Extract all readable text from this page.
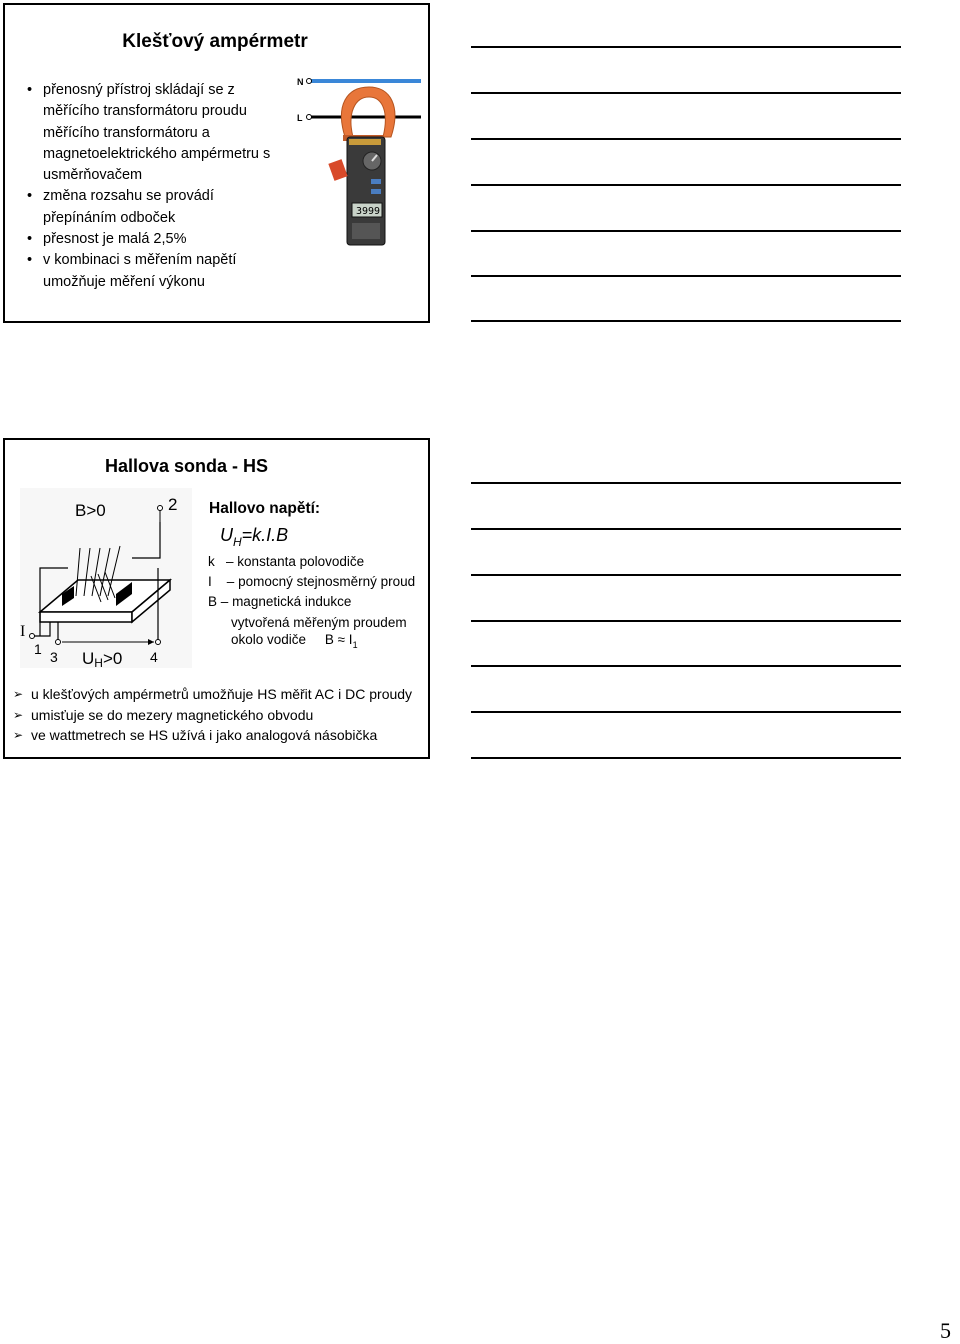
Klešťový ampérmetr
• přenosný přístroj skládají se z měřícího transformátoru proudu měřícího transformátoru a magnetoelektrického ampérmetru s usměrňovačem
• změna rozsahu se provádí přepínáním odboček
• přesnost je malá 2,5%
• v kombinaci s měřením napětí umožňuje měření výkonu
N
L
3999
Hallova sonda - HS
B>0	2
I
1 3	4
UH>0
Hallovo napětí:
$U_H=k.I.B$
k – konstanta polovodiče
I – pomocný stejnosměrný proud
B – magnetická indukce
vytvořená měřeným proudem
okolo vodiče $B \approx I_1$
➢ u klešťových ampérmetrů umožňuje HS měřit AC i DC proudy
➢ umisťuje se do mezery magnetického obvodu
➢ ve wattmetrech se HS užívá i jako analogová násobička
5
